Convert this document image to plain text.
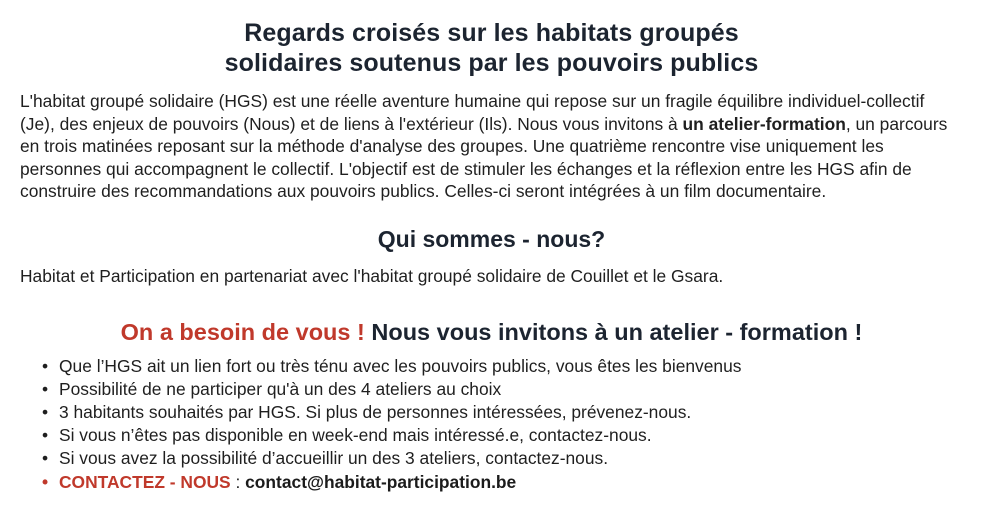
Regards croisés sur les habitats groupés
solidaires soutenus par les pouvoirs publics

L'habitat groupé solidaire (HGS) est une réelle aventure humaine qui repose sur un fragile équilibre individuel-collectif (Je), des enjeux de pouvoirs (Nous) et de liens à l'extérieur (Ils). Nous vous invitons à un atelier-formation, un parcours en trois matinées reposant sur la méthode d'analyse des groupes. Une quatrième rencontre vise uniquement les personnes qui accompagnent le collectif. L'objectif est de stimuler les échanges et la réflexion entre les HGS afin de construire des recommandations aux pouvoirs publics. Celles-ci seront intégrées à un film documentaire.

Qui sommes - nous?

Habitat et Participation en partenariat avec l'habitat groupé solidaire de Couillet et le Gsara.

On a besoin de vous ! Nous vous invitons à un atelier - formation !
• Que l’HGS ait un lien fort ou très ténu avec les pouvoirs publics, vous êtes les bienvenus
• Possibilité de ne participer qu'à un des 4 ateliers au choix
• 3 habitants souhaités par HGS. Si plus de personnes intéressées, prévenez-nous.
• Si vous n’êtes pas disponible en week-end mais intéressé.e, contactez-nous.
• Si vous avez la possibilité d’accueillir un des 3 ateliers, contactez-nous.
• CONTACTEZ - NOUS : contact@habitat-participation.be
